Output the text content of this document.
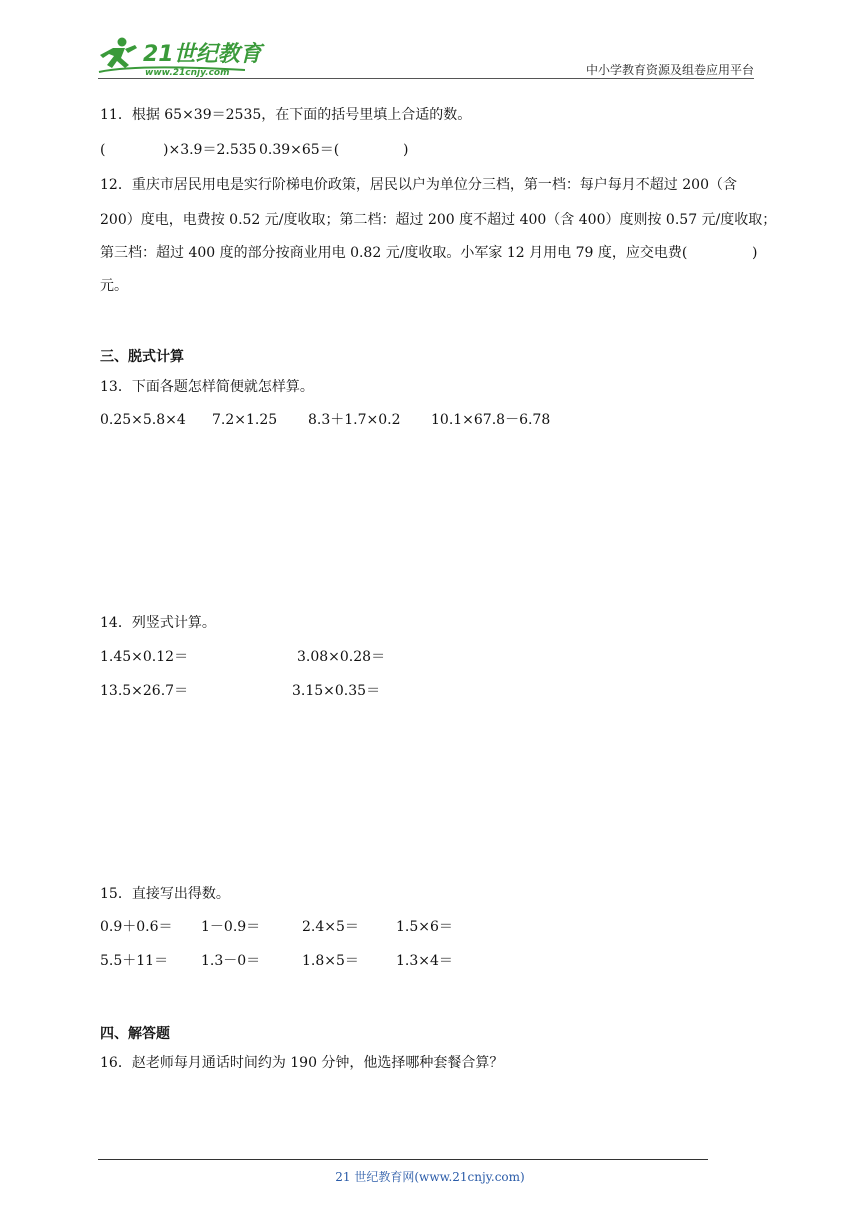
21世纪教育
www.21cnjy.com	中小学教育资源及组卷应用平台
11．根据 65×39＝2535，在下面的括号里填上合适的数。
(	)×3.9＝2.535 0.39×65＝(	)
12．重庆市居民用电是实行阶梯电价政策，居民以户为单位分三档，第一档：每户每月不超过 200（含
200）度电，电费按 0.52 元/度收取；第二档：超过 200 度不超过 400（含 400）度则按 0.57 元/度收取；
第三档：超过 400 度的部分按商业用电 0.82 元/度收取。小军家 12 月用电 79 度，应交电费(	)
元。
三、脱式计算
13．下面各题怎样简便就怎样算。
0.25×5.8×4 7.2×1.25 8.3＋1.7×0.2 10.1×67.8－6.78
14．列竖式计算。
1.45×0.12＝	3.08×0.28＝
13.5×26.7＝	3.15×0.35＝
15．直接写出得数。
0.9＋0.6＝ 1－0.9＝	2.4×5＝	1.5×6＝
5.5＋11＝ 1.3－0＝	1.8×5＝	1.3×4＝
四、解答题
16．赵老师每月通话时间约为 190 分钟，他选择哪种套餐合算？
21 世纪教育网(www.21cnjy.com)
